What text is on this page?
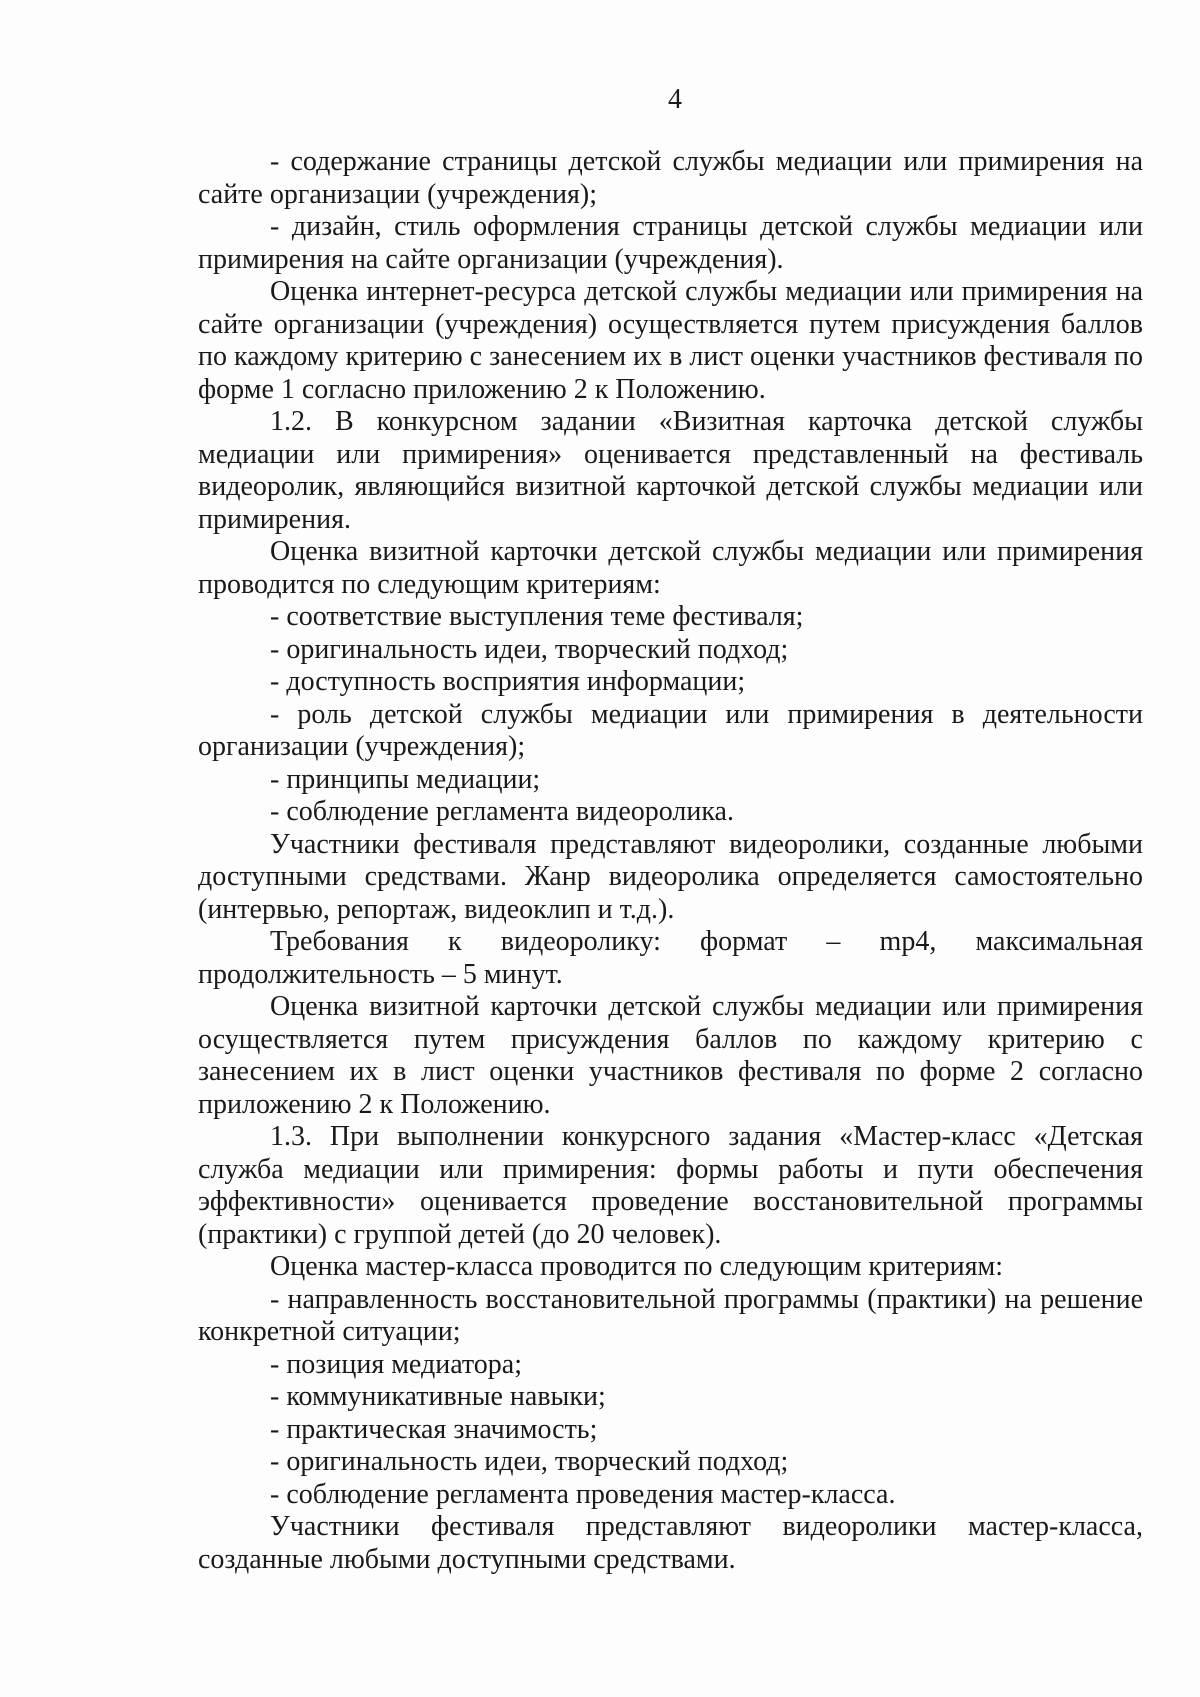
4

- содержание страницы детской службы медиации или примирения на сайте организации (учреждения);

- дизайн, стиль оформления страницы детской службы медиации или примирения на сайте организации (учреждения).

Оценка интернет-ресурса детской службы медиации или примирения на сайте организации (учреждения) осуществляется путем присуждения баллов по каждому критерию с занесением их в лист оценки участников фестиваля по форме 1 согласно приложению 2 к Положению.

1.2. В конкурсном задании «Визитная карточка детской службы медиации или примирения» оценивается представленный на фестиваль видеоролик, являющийся визитной карточкой детской службы медиации или примирения.

Оценка визитной карточки детской службы медиации или примирения проводится по следующим критериям:

- соответствие выступления теме фестиваля;

- оригинальность идеи, творческий подход;

- доступность восприятия информации;

- роль детской службы медиации или примирения в деятельности организации (учреждения);

- принципы медиации;

- соблюдение регламента видеоролика.

Участники фестиваля представляют видеоролики, созданные любыми доступными средствами. Жанр видеоролика определяется самостоятельно (интервью, репортаж, видеоклип и т.д.).

Требования к видеоролику: формат – mp4, максимальная продолжительность – 5 минут.

Оценка визитной карточки детской службы медиации или примирения осуществляется путем присуждения баллов по каждому критерию с занесением их в лист оценки участников фестиваля по форме 2 согласно приложению 2 к Положению.

1.3. При выполнении конкурсного задания «Мастер-класс «Детская служба медиации или примирения: формы работы и пути обеспечения эффективности» оценивается проведение восстановительной программы (практики) с группой детей (до 20 человек).

Оценка мастер-класса проводится по следующим критериям:

- направленность восстановительной программы (практики) на решение конкретной ситуации;

- позиция медиатора;

- коммуникативные навыки;

- практическая значимость;

- оригинальность идеи, творческий подход;

- соблюдение регламента проведения мастер-класса.

Участники фестиваля представляют видеоролики мастер-класса, созданные любыми доступными средствами.
